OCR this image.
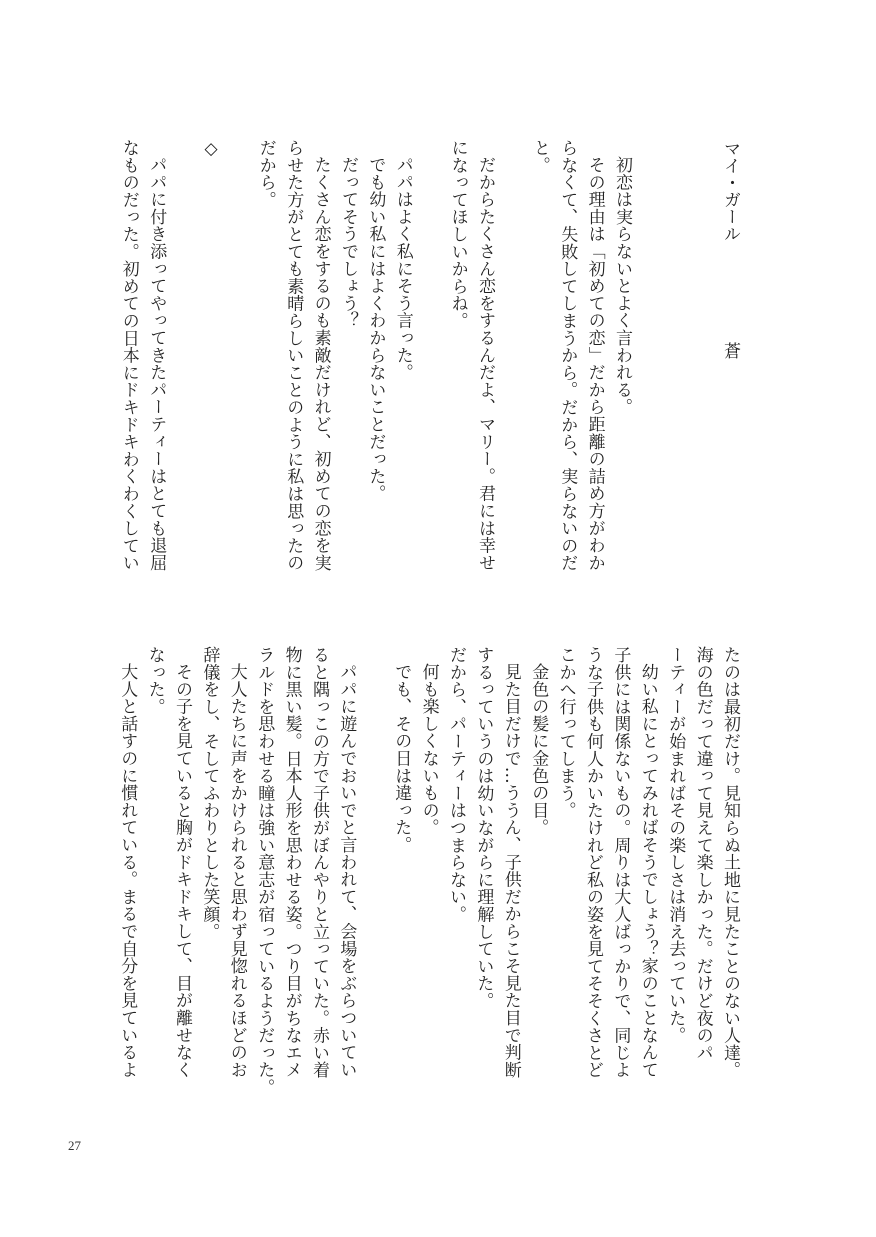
マイ・ガール
蒼
初恋は実らないとよく言われる。
その理由は「初めての恋」だから距離の詰め方がわか
らなくて、失敗してしまうから。だから、実らないのだ
と。
だからたくさん恋をするんだよ、マリー。君には幸せ
になってほしいからね。
パパはよく私にそう言った。
でも幼い私にはよくわからないことだった。
だってそうでしょう？
たくさん恋をするのも素敵だけれど、初めての恋を実
らせた方がとても素晴らしいことのように私は思ったの
だから。
◇
パパに付き添ってやってきたパーティーはとても退屈
なものだった。初めての日本にドキドキわくわくしてい
たのは最初だけ。見知らぬ土地に見たことのない人達。
海の色だって違って見えて楽しかった。だけど夜のパ
ーティーが始まればその楽しさは消え去っていた。
幼い私にとってみればそうでしょう？家のことなんて
子供には関係ないもの。周りは大人ばっかりで、同じよ
うな子供も何人かいたけれど私の姿を見てそそくさとど
こかへ行ってしまう。
金色の髪に金色の目。
見た目だけで…ううん、子供だからこそ見た目で判断
するっていうのは幼いながらに理解していた。
だから、パーティーはつまらない。
何も楽しくないもの。
でも、その日は違った。
パパに遊んでおいでと言われて、会場をぶらついてい
ると隅っこの方で子供がぼんやりと立っていた。赤い着
物に黒い髪。日本人形を思わせる姿。つり目がちなエメ
ラルドを思わせる瞳は強い意志が宿っているようだった。
大人たちに声をかけられると思わず見惚れるほどのお
辞儀をし、そしてふわりとした笑顔。
その子を見ていると胸がドキドキして、目が離せなく
なった。
大人と話すのに慣れている。まるで自分を見ているよ
27
